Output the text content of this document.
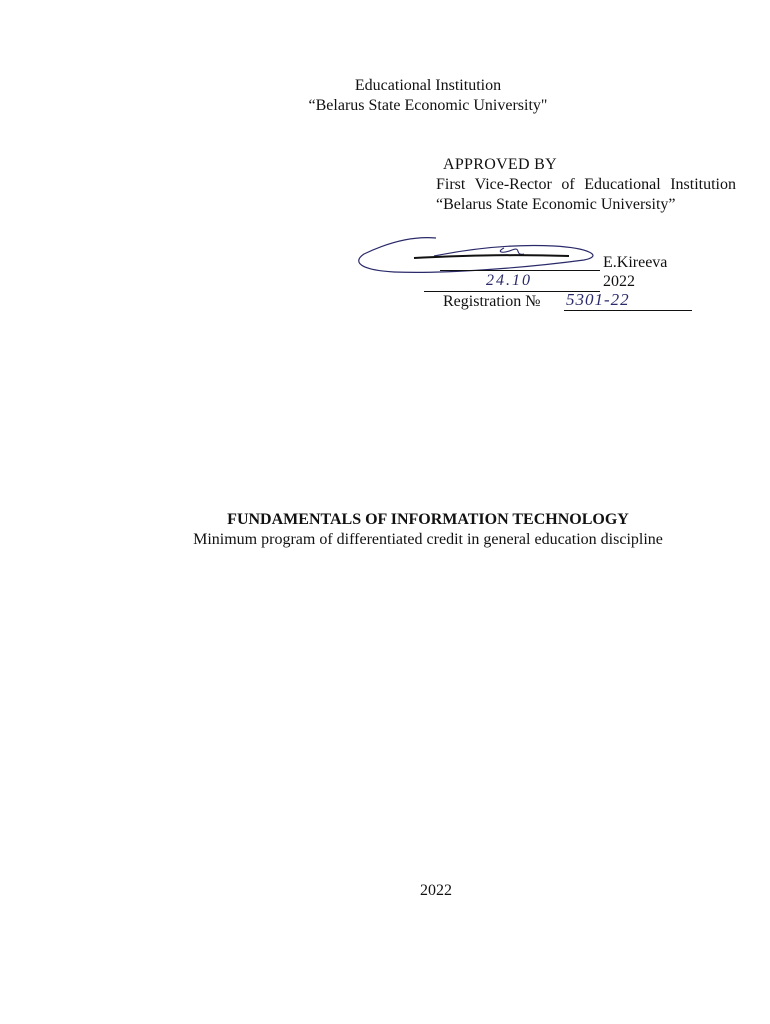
Educational Institution
“Belarus State Economic University"
APPROVED BY
First Vice-Rector of Educational Institution “Belarus State Economic University”
E.Kireeva
24.10	2022
Registration № 5301-22
FUNDAMENTALS OF INFORMATION TECHNOLOGY
Minimum program of differentiated credit in general education discipline
2022
